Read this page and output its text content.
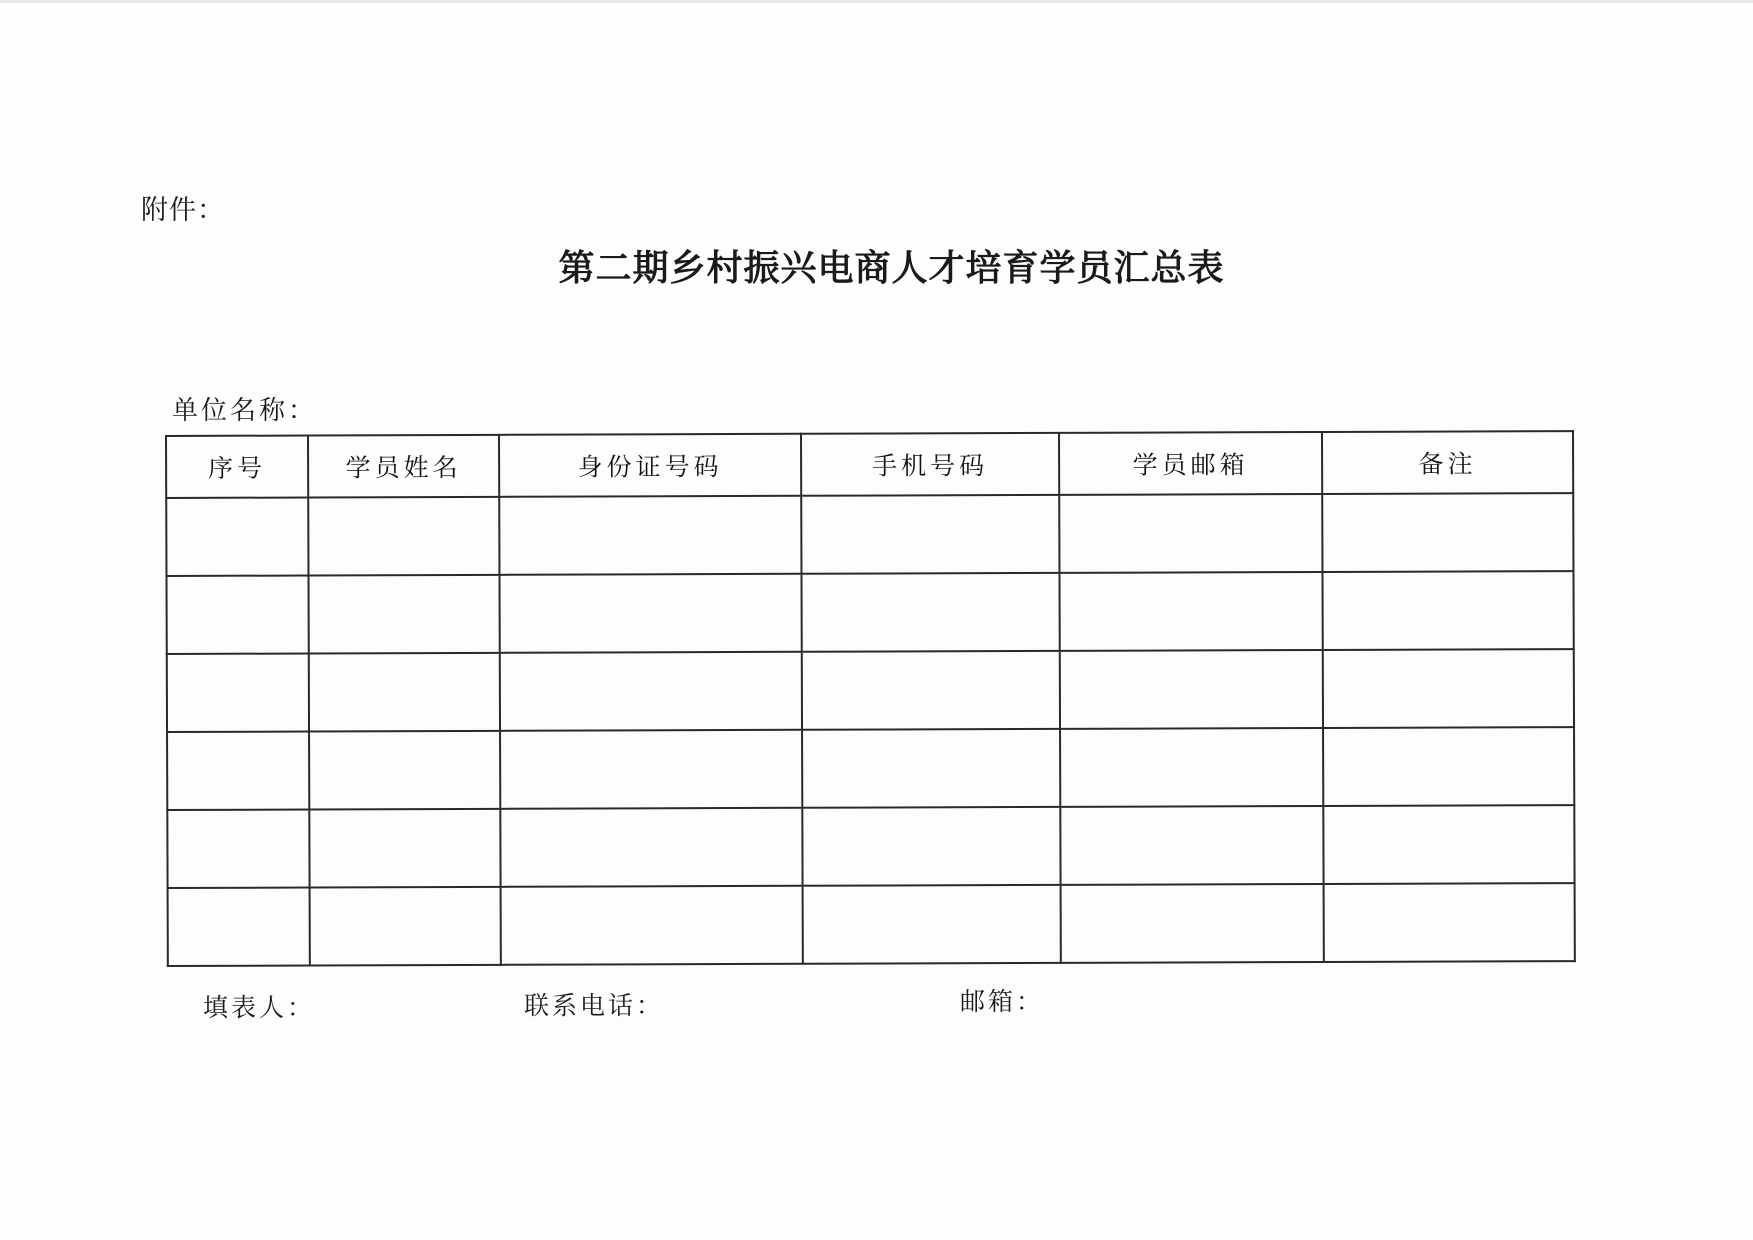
附件：
第二期乡村振兴电商人才培育学员汇总表
单位名称：
序号	学员姓名	身份证号码	手机号码	学员邮箱	备注

填表人：	联系电话：	邮箱：
